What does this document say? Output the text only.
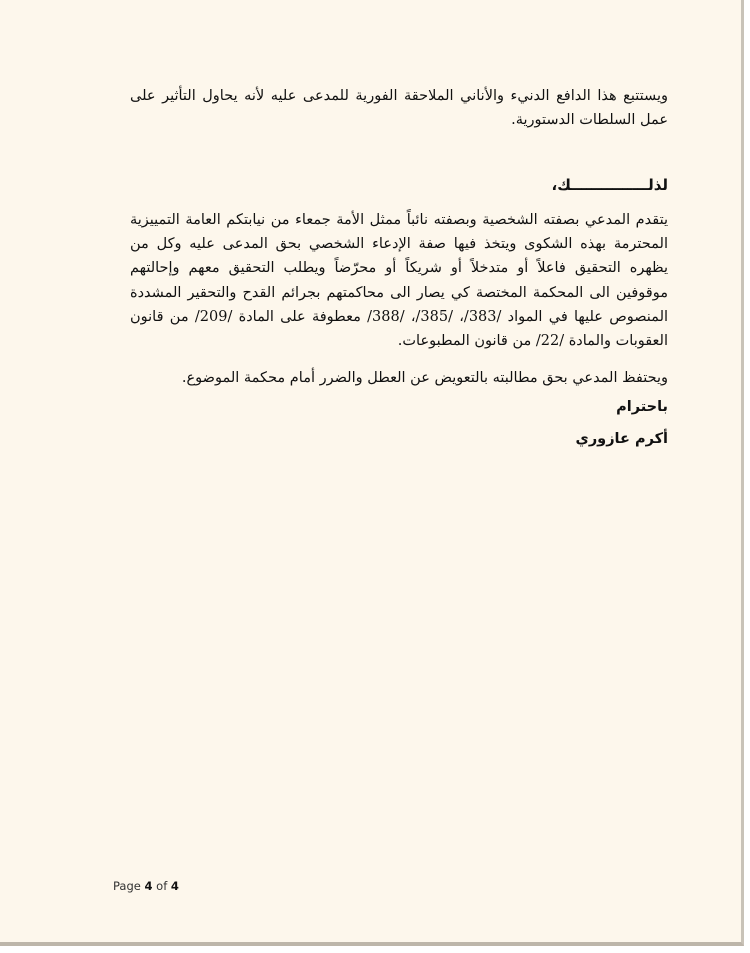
ويستتبع هذا الدافع الدنيء والأناني الملاحقة الفورية للمدعى عليه لأنه يحاول التأثير على عمل السلطات الدستورية.
لذلـــــــــــــــك،
يتقدم المدعي بصفته الشخصية وبصفته نائباً ممثل الأمة جمعاء من نيابتكم العامة التمييزية المحترمة بهذه الشكوى ويتخذ فيها صفة الإدعاء الشخصي بحق المدعى عليه وكل من يظهره التحقيق فاعلاً أو متدخلاً أو شريكاً أو محرّضاً ويطلب التحقيق معهم وإحالتهم موقوفين الى المحكمة المختصة كي يصار الى محاكمتهم بجرائم القدح والتحقير المشددة المنصوص عليها في المواد /383/، /385/، /388/ معطوفة على المادة /209/ من قانون العقوبات والمادة /22/ من قانون المطبوعات.
ويحتفظ المدعي بحق مطالبته بالتعويض عن العطل والضرر أمام محكمة الموضوع.
باحترام
أكرم عازوري
Page 4 of 4
